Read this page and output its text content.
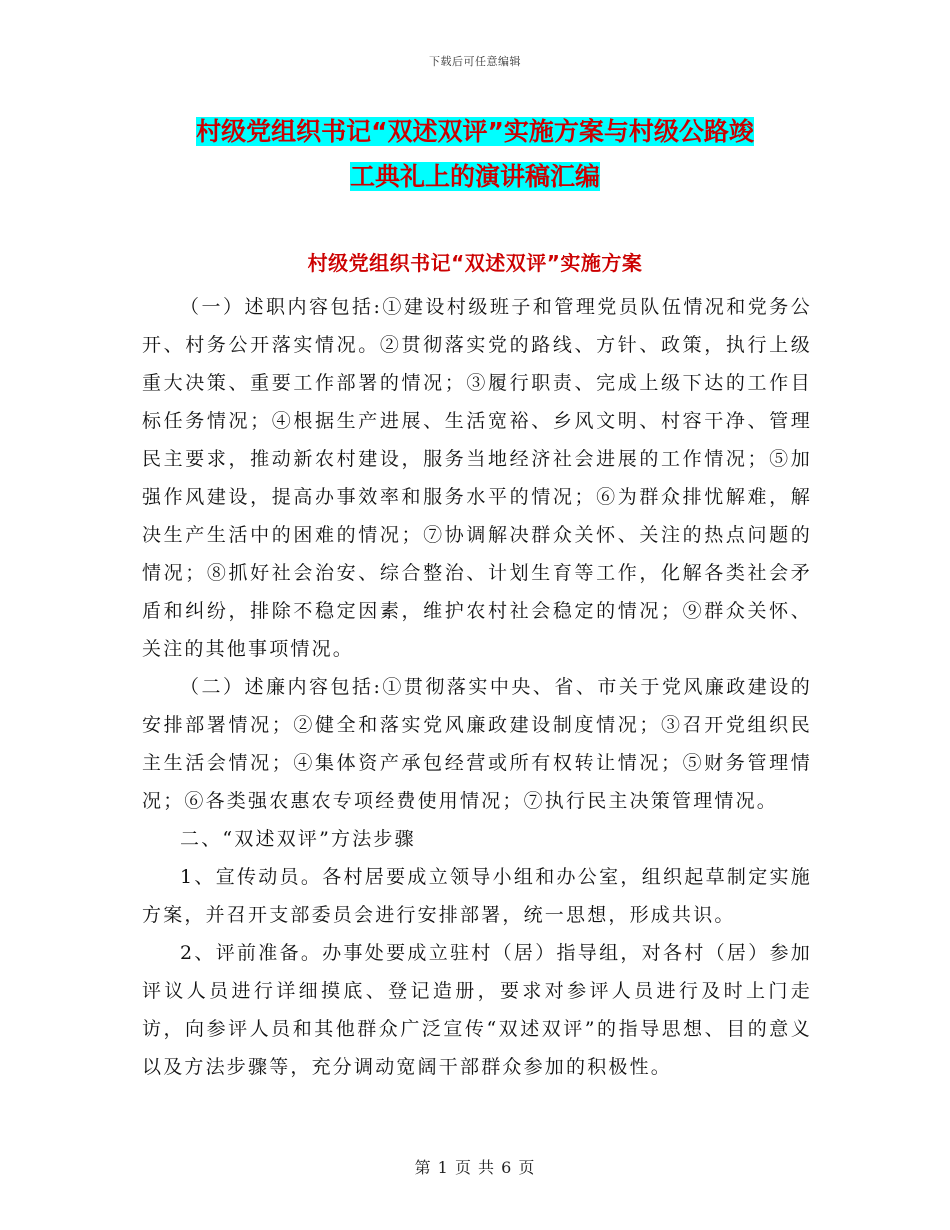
下载后可任意编辑
村级党组织书记“双述双评”实施方案与村级公路竣
工典礼上的演讲稿汇编
村级党组织书记“双述双评”实施方案

（一）述职内容包括:①建设村级班子和管理党员队伍情况和党务公开、村务公开落实情况。②贯彻落实党的路线、方针、政策，执行上级重大决策、重要工作部署的情况；③履行职责、完成上级下达的工作目标任务情况；④根据生产进展、生活宽裕、乡风文明、村容干净、管理民主要求，推动新农村建设，服务当地经济社会进展的工作情况；⑤加强作风建设，提高办事效率和服务水平的情况；⑥为群众排忧解难，解决生产生活中的困难的情况；⑦协调解决群众关怀、关注的热点问题的情况；⑧抓好社会治安、综合整治、计划生育等工作，化解各类社会矛盾和纠纷，排除不稳定因素，维护农村社会稳定的情况；⑨群众关怀、关注的其他事项情况。

（二）述廉内容包括:①贯彻落实中央、省、市关于党风廉政建设的安排部署情况；②健全和落实党风廉政建设制度情况；③召开党组织民主生活会情况；④集体资产承包经营或所有权转让情况；⑤财务管理情况；⑥各类强农惠农专项经费使用情况；⑦执行民主决策管理情况。

二、“双述双评”方法步骤

1、宣传动员。各村居要成立领导小组和办公室，组织起草制定实施方案，并召开支部委员会进行安排部署，统一思想，形成共识。

2、评前准备。办事处要成立驻村（居）指导组，对各村（居）参加评议人员进行详细摸底、登记造册，要求对参评人员进行及时上门走访，向参评人员和其他群众广泛宣传“双述双评”的指导思想、目的意义以及方法步骤等，充分调动宽阔干部群众参加的积极性。

第 1 页 共 6 页
